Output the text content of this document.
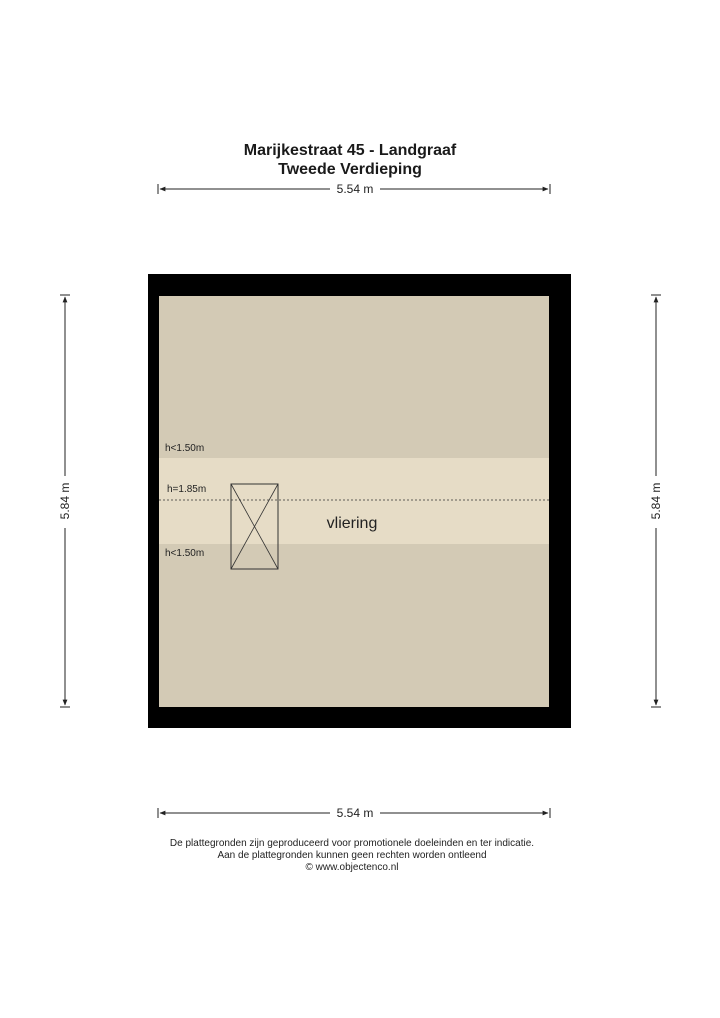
Marijkestraat 45 - Landgraaf
Tweede Verdieping
5.54 m
5.84 m	5.84 m
h<1.50m
h=1.85m
h<1.50m
vliering
5.54 m
De plattegronden zijn geproduceerd voor promotionele doeleinden en ter indicatie.
Aan de plattegronden kunnen geen rechten worden ontleend
© www.objectenco.nl
